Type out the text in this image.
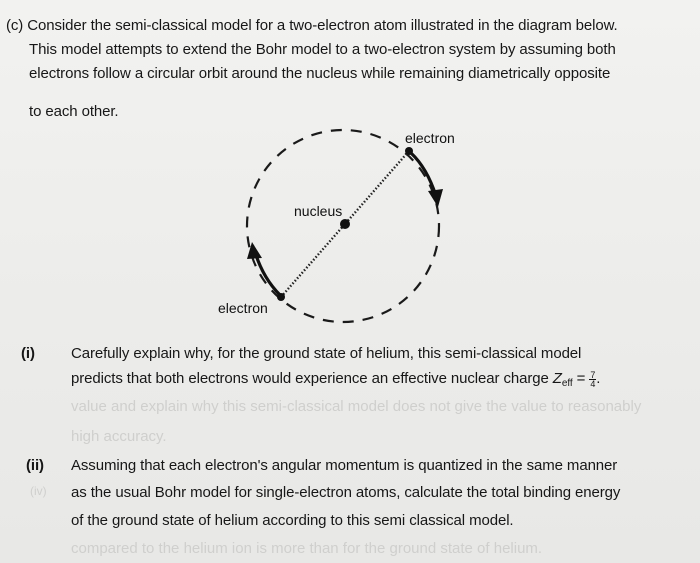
(c) Consider the semi-classical model for a two-electron atom illustrated in the diagram below.
This model attempts to extend the Bohr model to a two-electron system by assuming both
electrons follow a circular orbit around the nucleus while remaining diametrically opposite
to each other.
electron
nucleus
electron
(i) Carefully explain why, for the ground state of helium, this semi-classical model
predicts that both electrons would experience an effective nuclear charge $Z_{eff} = \frac{7}{4}$ .
value and explain why this semi-classical model does not give the value to reasonably
high accuracy.
(ii) Assuming that each electron's angular momentum is quantized in the same manner
(iv) as the usual Bohr model for single-electron atoms, calculate the total binding energy
of the ground state of helium according to this semi classical model.
compared to the helium ion is more than for the ground state of helium.
